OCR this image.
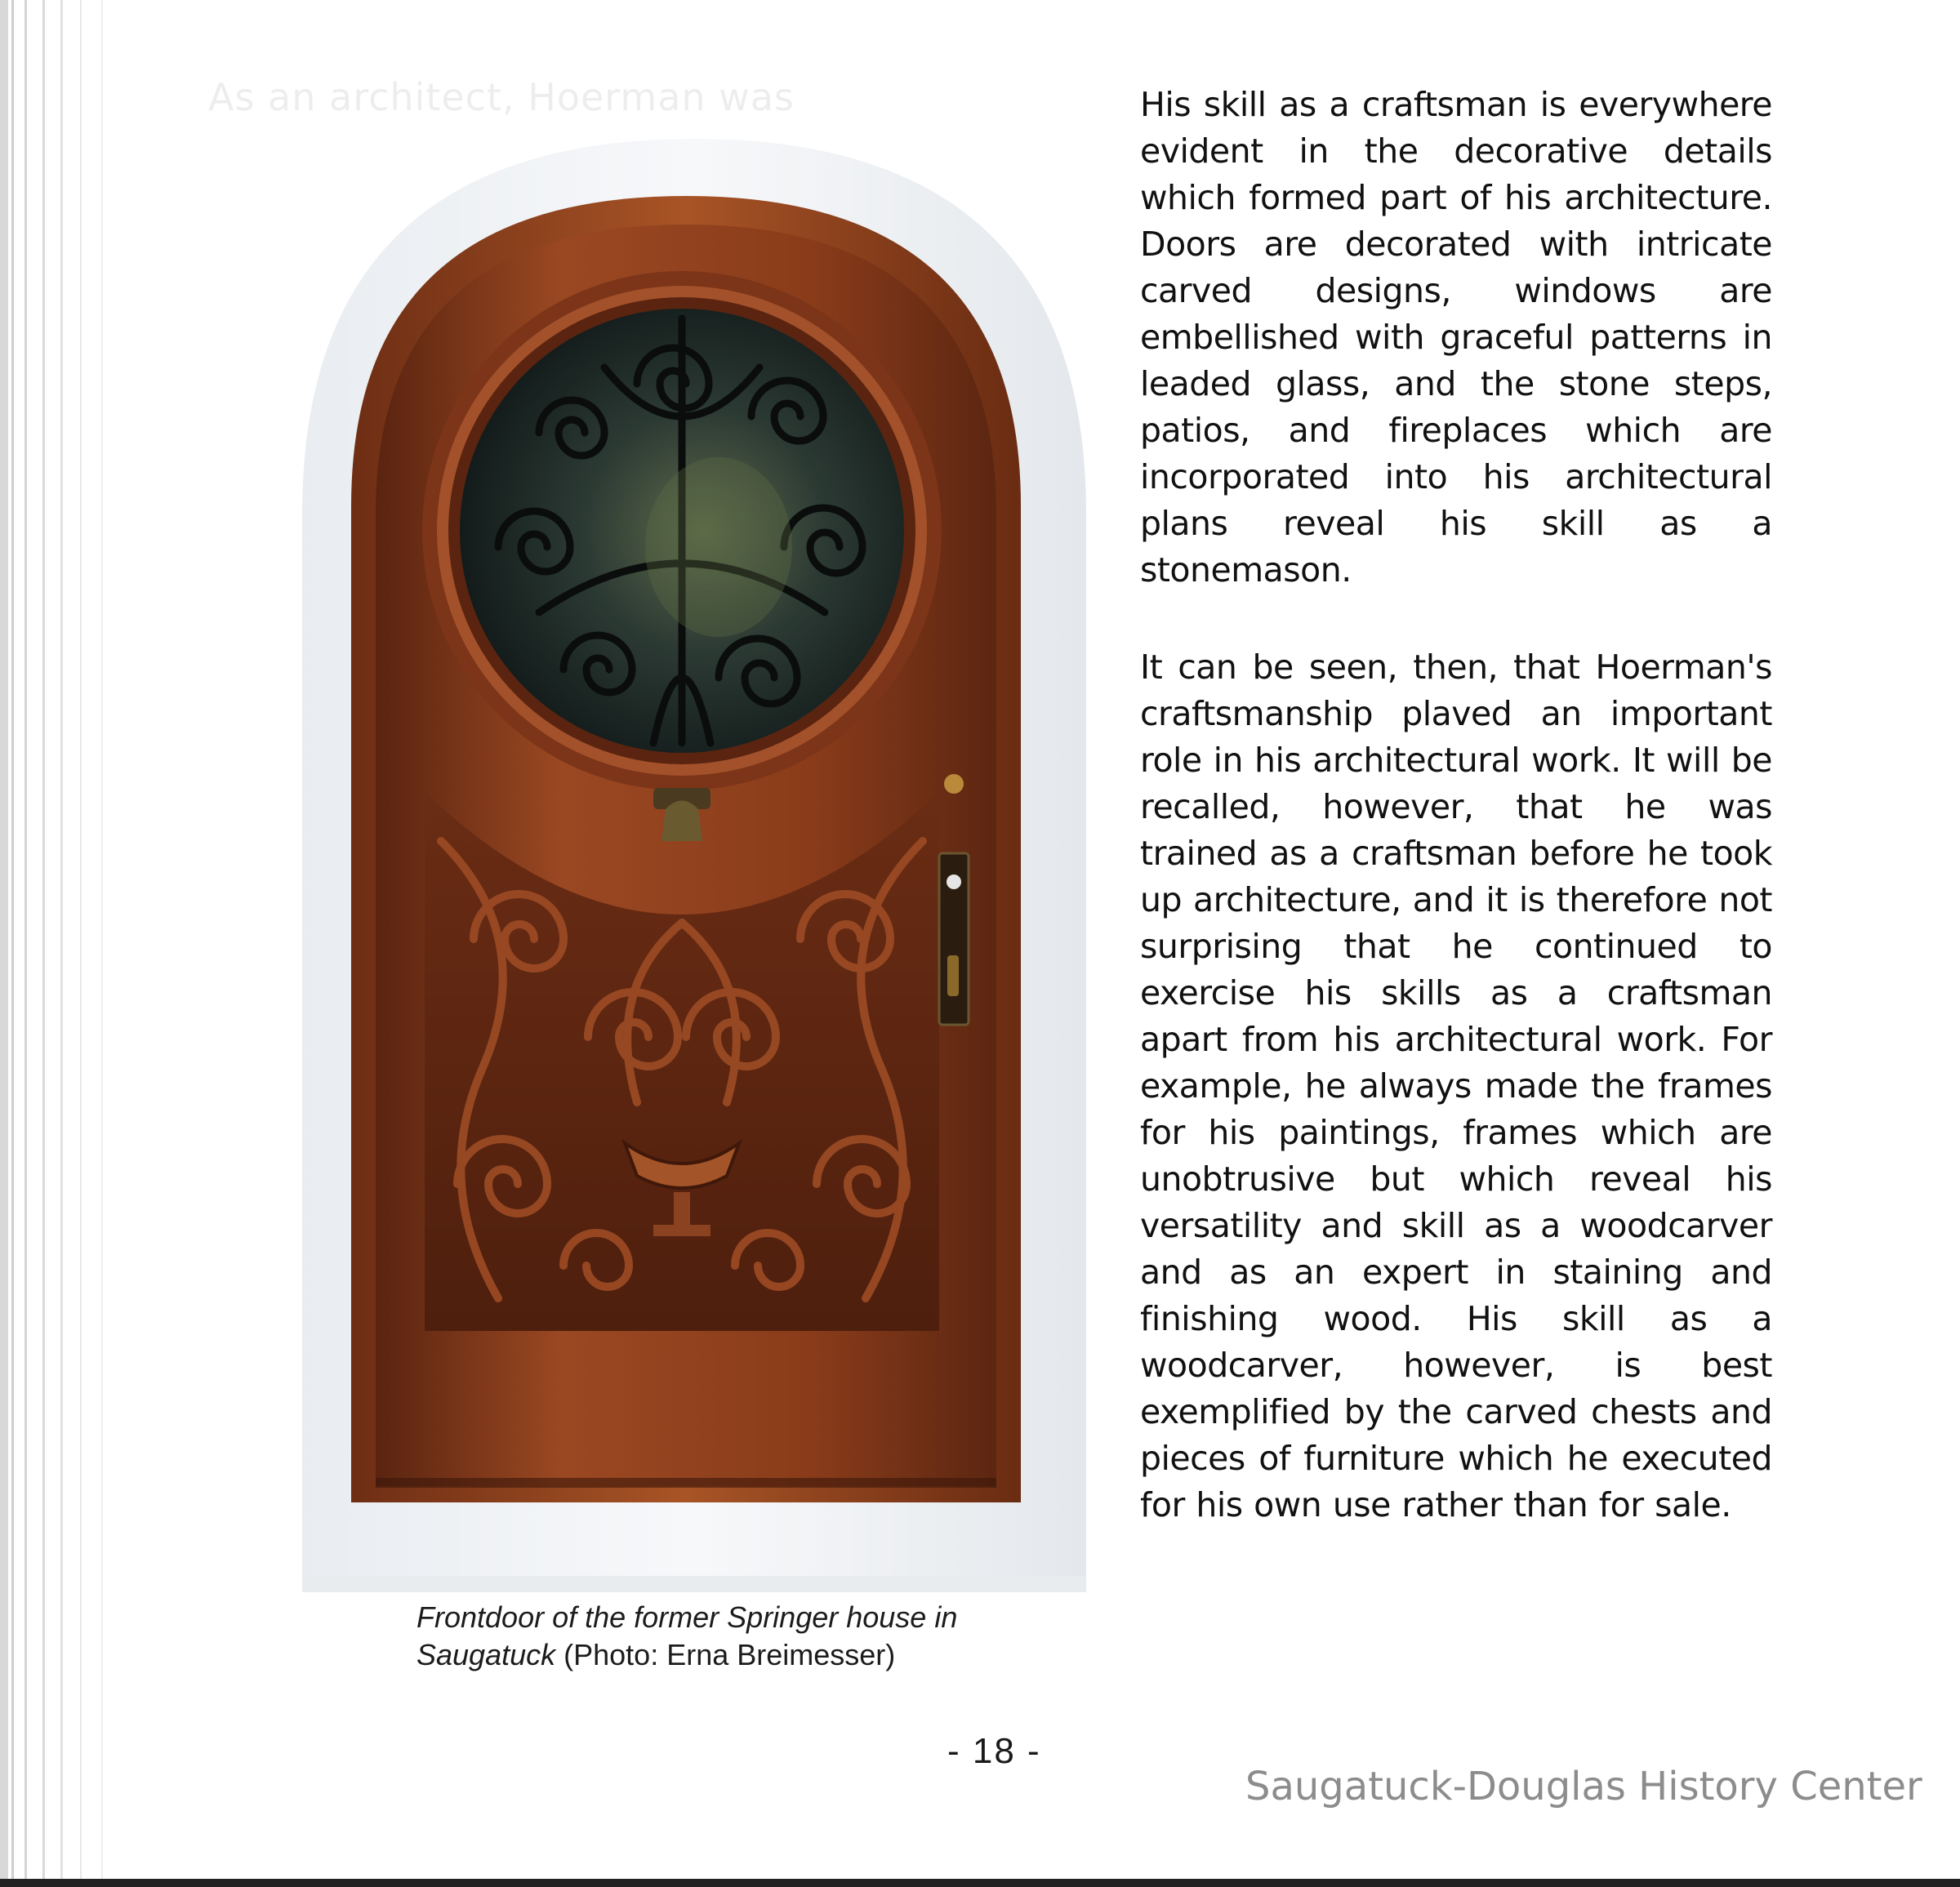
As an architect, Hoerman was
Frontdoor of the former Springer house in Saugatuck (Photo: Erna Breimesser)

His skill as a craftsman is everywhere evident in the decorative details which formed part of his architecture. Doors are decorated with intricate carved designs, windows are embellished with graceful patterns in leaded glass, and the stone steps, patios, and fireplaces which are incorporated into his architectural plans reveal his skill as a stonemason.

It can be seen, then, that Hoerman's craftsmanship plaved an important role in his architectural work. It will be recalled, however, that he was trained as a craftsman before he took up architecture, and it is therefore not surprising that he continued to exercise his skills as a craftsman apart from his architectural work. For example, he always made the frames for his paintings, frames which are unobtrusive but which reveal his versatility and skill as a woodcarver and as an expert in staining and finishing wood. His skill as a woodcarver, however, is best exemplified by the carved chests and pieces of furniture which he executed for his own use rather than for sale.

- 18 -
Saugatuck-Douglas History Center
